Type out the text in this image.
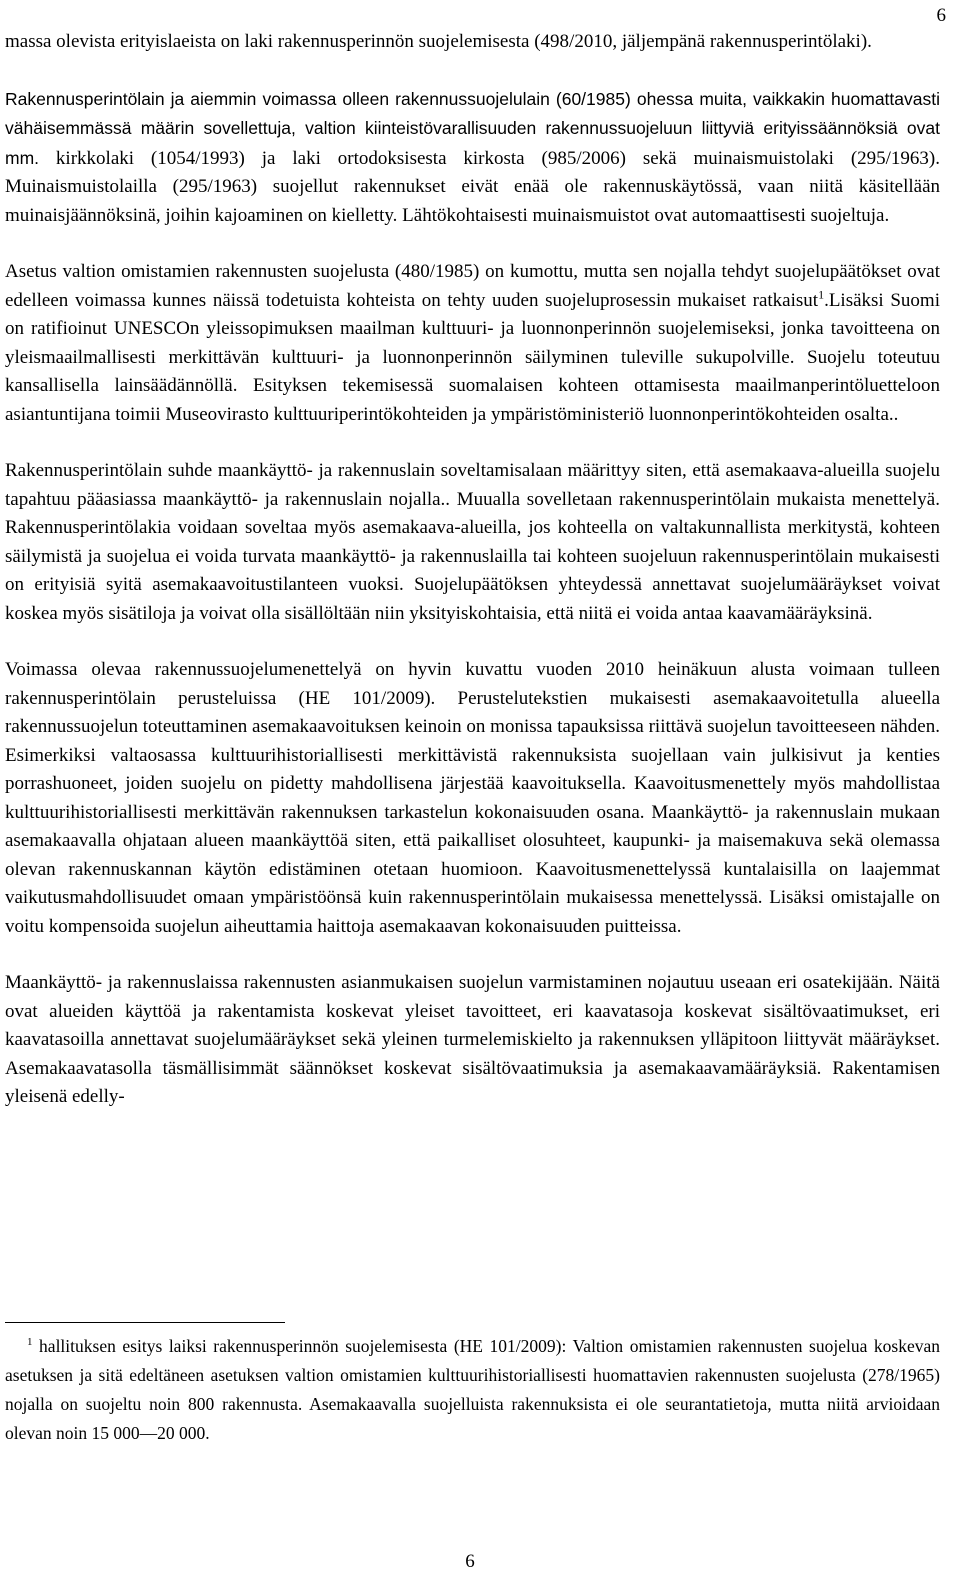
6

massa olevista erityislaeista on laki rakennusperinnön suojelemisesta (498/2010, jäljempänä rakennusperintölaki).

Rakennusperintölain ja aiemmin voimassa olleen rakennussuojelulain (60/1985) ohessa muita, vaikkakin huomattavasti vähäisemmässä määrin sovellettuja, valtion kiinteistövarallisuuden rakennussuojeluun liittyviä erityissäännöksiä ovat mm. kirkkolaki (1054/1993) ja laki ortodoksisesta kirkosta (985/2006) sekä muinaismuistolaki (295/1963). Muinaismuistolailla (295/1963) suojellut rakennukset eivät enää ole rakennuskäytössä, vaan niitä käsitellään muinaisjäännöksinä, joihin kajoaminen on kielletty. Lähtökohtaisesti muinaismuistot ovat automaattisesti suojeltuja.

Asetus valtion omistamien rakennusten suojelusta (480/1985) on kumottu, mutta sen nojalla tehdyt suojelupäätökset ovat edelleen voimassa kunnes näissä todetuista kohteista on tehty uuden suojeluprosessin mukaiset ratkaisut$^1$.Lisäksi Suomi on ratifioinut UNESCOn yleissopimuksen maailman kulttuuri- ja luonnonperinnön suojelemiseksi, jonka tavoitteena on yleismaailmallisesti merkittävän kulttuuri- ja luonnonperinnön säilyminen tuleville sukupolville. Suojelu toteutuu kansallisella lainsäädännöllä. Esityksen tekemisessä suomalaisen kohteen ottamisesta maailmanperintöluetteloon asiantuntijana toimii Museovirasto kulttuuriperintökohteiden ja ympäristöministeriö luonnonperintökohteiden osalta..

Rakennusperintölain suhde maankäyttö- ja rakennuslain soveltamisalaan määrittyy siten, että asemakaava-alueilla suojelu tapahtuu pääasiassa maankäyttö- ja rakennuslain nojalla.. Muualla sovelletaan rakennusperintölain mukaista menettelyä. Rakennusperintölakia voidaan soveltaa myös asemakaava-alueilla, jos kohteella on valtakunnallista merkitystä, kohteen säilymistä ja suojelua ei voida turvata maankäyttö- ja rakennuslailla tai kohteen suojeluun rakennusperintölain mukaisesti on erityisiä syitä asemakaavoitustilanteen vuoksi. Suojelupäätöksen yhteydessä annettavat suojelumääräykset voivat koskea myös sisätiloja ja voivat olla sisällöltään niin yksityiskohtaisia, että niitä ei voida antaa kaavamääräyksinä.

Voimassa olevaa rakennussuojelumenettelyä on hyvin kuvattu vuoden 2010 heinäkuun alusta voimaan tulleen rakennusperintölain perusteluissa (HE 101/2009). Perustelutekstien mukaisesti asemakaavoitetulla alueella rakennussuojelun toteuttaminen asemakaavoituksen keinoin on monissa tapauksissa riittävä suojelun tavoitteeseen nähden. Esimerkiksi valtaosassa kulttuurihistoriallisesti merkittävistä rakennuksista suojellaan vain julkisivut ja kenties porrashuoneet, joiden suojelu on pidetty mahdollisena järjestää kaavoituksella. Kaavoitusmenettely myös mahdollistaa kulttuurihistoriallisesti merkittävän rakennuksen tarkastelun kokonaisuuden osana. Maankäyttö- ja rakennuslain mukaan asemakaavalla ohjataan alueen maankäyttöä siten, että paikalliset olosuhteet, kaupunki- ja maisemakuva sekä olemassa olevan rakennuskannan käytön edistäminen otetaan huomioon. Kaavoitusmenettelyssä kuntalaisilla on laajemmat vaikutusmahdollisuudet omaan ympäristöönsä kuin rakennusperintölain mukaisessa menettelyssä. Lisäksi omistajalle on voitu kompensoida suojelun aiheuttamia haittoja asemakaavan kokonaisuuden puitteissa.

Maankäyttö- ja rakennuslaissa rakennusten asianmukaisen suojelun varmistaminen nojautuu useaan eri osatekijään. Näitä ovat alueiden käyttöä ja rakentamista koskevat yleiset tavoitteet, eri kaavatasoja koskevat sisältövaatimukset, eri kaavatasoilla annettavat suojelumääräykset sekä yleinen turmelemiskielto ja rakennuksen ylläpitoon liittyvät määräykset. Asemakaavatasolla täsmällisimmät säännökset koskevat sisältövaatimuksia ja asemakaavamääräyksiä. Rakentamisen yleisenä edelly-

$^1$ hallituksen esitys laiksi rakennusperinnön suojelemisesta (HE 101/2009): Valtion omistamien rakennusten suojelua koskevan asetuksen ja sitä edeltäneen asetuksen valtion omistamien kulttuurihistoriallisesti huomattavien rakennusten suojelusta (278/1965) nojalla on suojeltu noin 800 rakennusta. Asemakaavalla suojelluista rakennuksista ei ole seurantatietoja, mutta niitä arvioidaan olevan noin 15 000—20 000.

6
